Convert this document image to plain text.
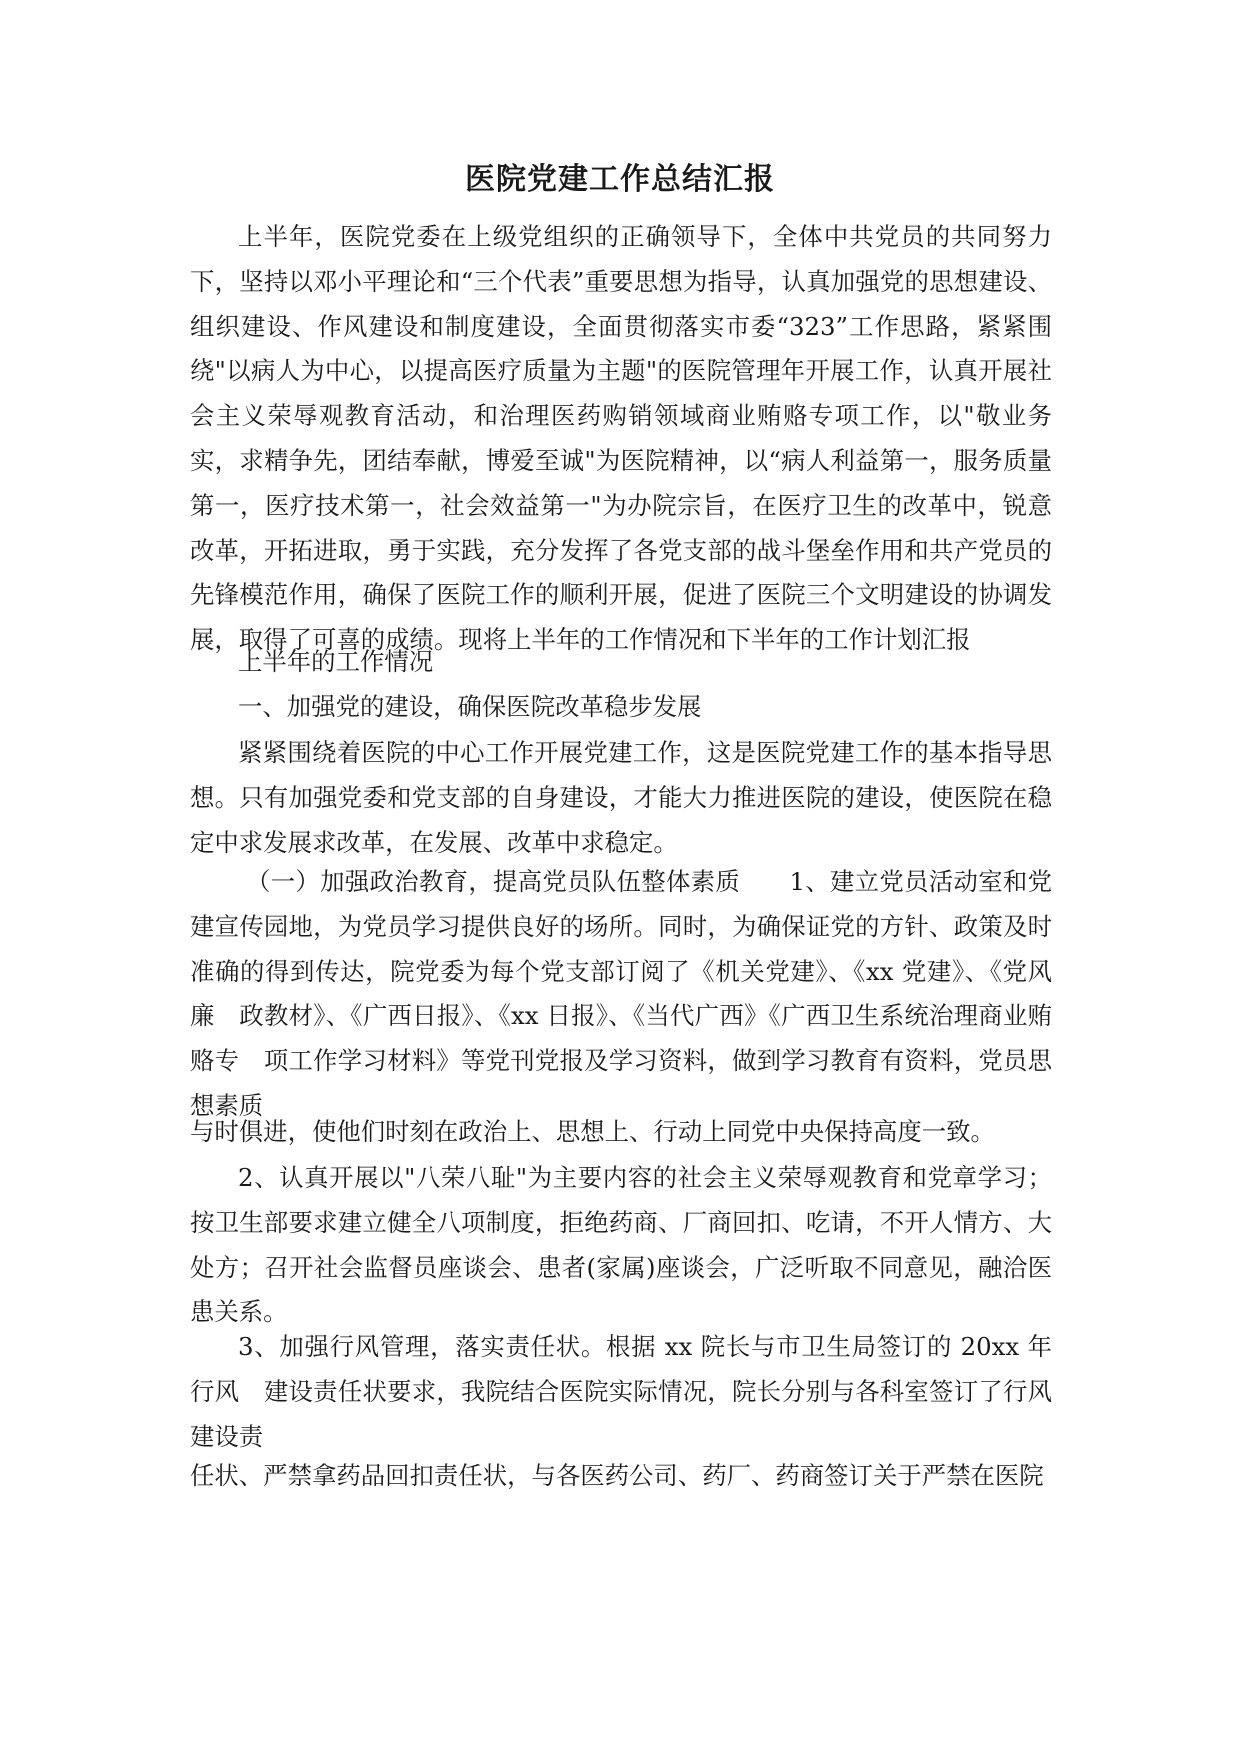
医院党建工作总结汇报

上半年，医院党委在上级党组织的正确领导下，全体中共党员的共同努力下，坚持以邓小平理论和“三个代表”重要思想为指导，认真加强党的思想建设、组织建设、作风建设和制度建设，全面贯彻落实市委“323”工作思路，紧紧围绕"以病人为中心，以提高医疗质量为主题"的医院管理年开展工作，认真开展社会主义荣辱观教育活动，和治理医药购销领域商业贿赂专项工作，以"敬业务实，求精争先，团结奉献，博爱至诚"为医院精神，以“病人利益第一，服务质量第一，医疗技术第一，社会效益第一"为办院宗旨，在医疗卫生的改革中，锐意改革，开拓进取，勇于实践，充分发挥了各党支部的战斗堡垒作用和共产党员的先锋模范作用，确保了医院工作的顺利开展，促进了医院三个文明建设的协调发展，取得了可喜的成绩。现将上半年的工作情况和下半年的工作计划汇报

上半年的工作情况

一、加强党的建设，确保医院改革稳步发展

紧紧围绕着医院的中心工作开展党建工作，这是医院党建工作的基本指导思想。只有加强党委和党支部的自身建设，才能大力推进医院的建设，使医院在稳定中求发展求改革，在发展、改革中求稳定。

（一）加强政治教育，提高党员队伍整体素质　　1、建立党员活动室和党建宣传园地，为党员学习提供良好的场所。同时，为确保证党的方针、政策及时准确的得到传达，院党委为每个党支部订阅了《机关党建》、《xx 党建》、《党风廉　政教材》、《广西日报》、《xx 日报》、《当代广西》《广西卫生系统治理商业贿赂专　项工作学习材料》等党刊党报及学习资料，做到学习教育有资料，党员思想素质

与时俱进，使他们时刻在政治上、思想上、行动上同党中央保持高度一致。

2、认真开展以"八荣八耻"为主要内容的社会主义荣辱观教育和党章学习；按卫生部要求建立健全八项制度，拒绝药商、厂商回扣、吃请，不开人情方、大处方；召开社会监督员座谈会、患者(家属)座谈会，广泛听取不同意见，融洽医患关系。

3、加强行风管理，落实责任状。根据 xx 院长与市卫生局签订的 20xx 年行风　建设责任状要求，我院结合医院实际情况，院长分别与各科室签订了行风建设责

任状、严禁拿药品回扣责任状，与各医药公司、药厂、药商签订关于严禁在医院
